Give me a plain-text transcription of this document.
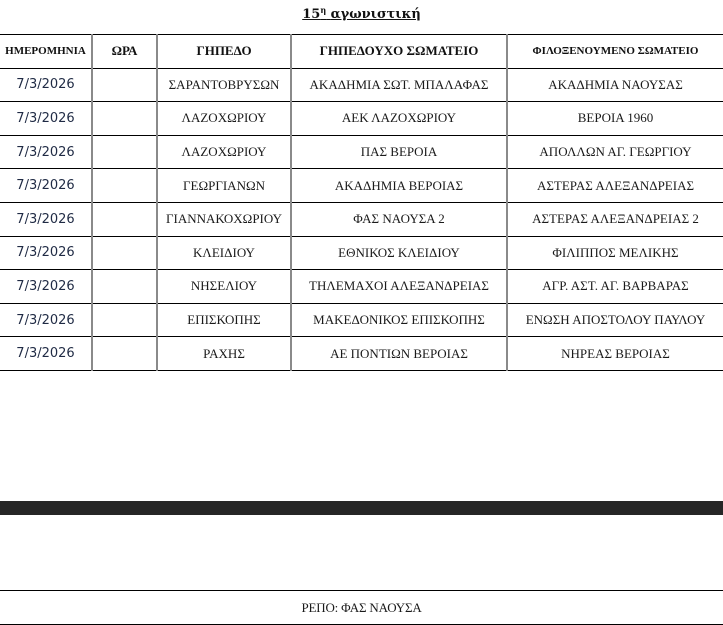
$15^\eta$ αγωνιστική
ΗΜΕΡΟΜΗΝΙΑ	ΩΡΑ	ΓΗΠΕΔΟ	ΓΗΠΕΔΟΥΧΟ ΣΩΜΑΤΕΙΟ	ΦΙΛΟΞΕΝΟΥΜΕΝΟ ΣΩΜΑΤΕΙΟ
7/3/2026		ΣΑΡΑΝΤΟΒΡΥΣΩΝ	ΑΚΑΔΗΜΙΑ ΣΩΤ. ΜΠΑΛΑΦΑΣ	ΑΚΑΔΗΜΙΑ ΝΑΟΥΣΑΣ
7/3/2026		ΛΑΖΟΧΩΡΙΟΥ	ΑΕΚ ΛΑΖΟΧΩΡΙΟΥ	ΒΕΡΟΙΑ 1960
7/3/2026		ΛΑΖΟΧΩΡΙΟΥ	ΠΑΣ ΒΕΡΟΙΑ	ΑΠΟΛΛΩΝ ΑΓ. ΓΕΩΡΓΙΟΥ
7/3/2026		ΓΕΩΡΓΙΑΝΩΝ	ΑΚΑΔΗΜΙΑ ΒΕΡΟΙΑΣ	ΑΣΤΕΡΑΣ ΑΛΕΞΑΝΔΡΕΙΑΣ
7/3/2026		ΓΙΑΝΝΑΚΟΧΩΡΙΟΥ	ΦΑΣ ΝΑΟΥΣΑ 2	ΑΣΤΕΡΑΣ ΑΛΕΞΑΝΔΡΕΙΑΣ 2
7/3/2026		ΚΛΕΙΔΙΟΥ	ΕΘΝΙΚΟΣ ΚΛΕΙΔΙΟΥ	ΦΙΛΙΠΠΟΣ ΜΕΛΙΚΗΣ
7/3/2026		ΝΗΣΕΛΙΟΥ	ΤΗΛΕΜΑΧΟΙ ΑΛΕΞΑΝΔΡΕΙΑΣ	ΑΓΡ. ΑΣΤ. ΑΓ. ΒΑΡΒΑΡΑΣ
7/3/2026		ΕΠΙΣΚΟΠΗΣ	ΜΑΚΕΔΟΝΙΚΟΣ ΕΠΙΣΚΟΠΗΣ	ΕΝΩΣΗ ΑΠΟΣΤΟΛΟΥ ΠΑΥΛΟΥ
7/3/2026		ΡΑΧΗΣ	ΑΕ ΠΟΝΤΙΩΝ ΒΕΡΟΙΑΣ	ΝΗΡΕΑΣ ΒΕΡΟΙΑΣ
ΡΕΠΟ: ΦΑΣ ΝΑΟΥΣΑ
